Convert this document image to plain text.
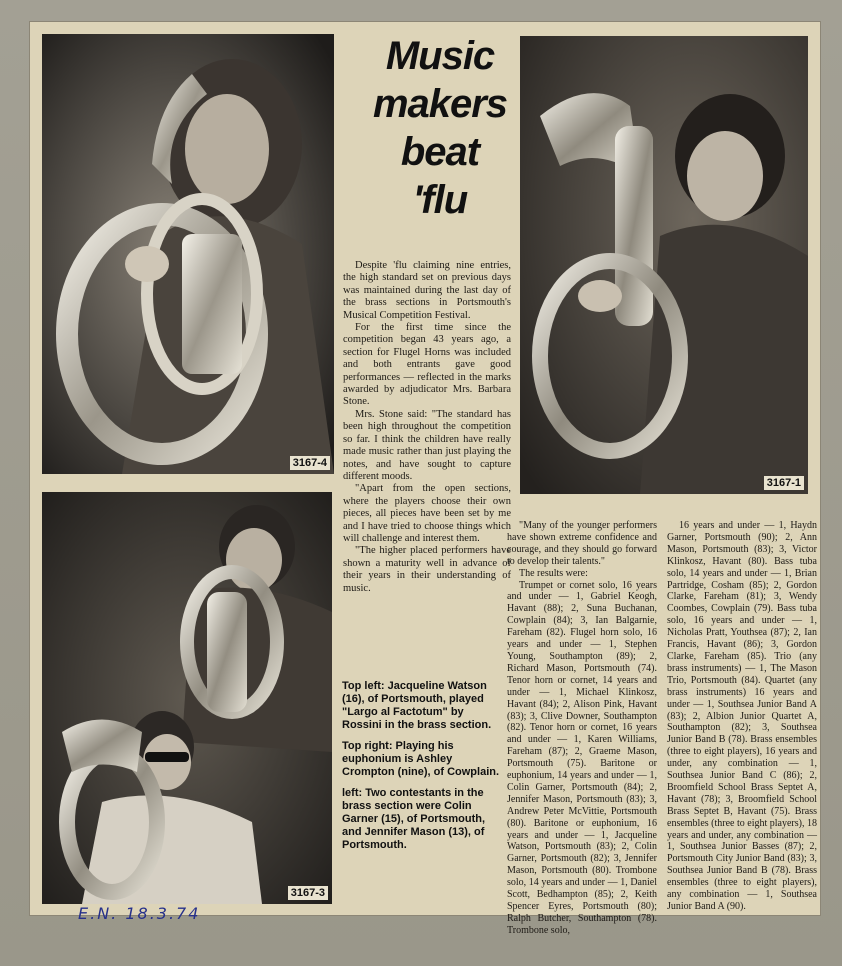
3167-4
Music
makers
beat
'flu
3167-1
3167-3

Despite 'flu claiming nine entries, the high standard set on previous days was maintained during the last day of the brass sections in Portsmouth's Musical Competition Festival.

For the first time since the competition began 43 years ago, a section for Flugel Horns was included and both entrants gave good performances — reflected in the marks awarded by adjudicator Mrs. Barbara Stone.

Mrs. Stone said: "The standard has been high throughout the competition so far. I think the children have really made music rather than just playing the notes, and have sought to capture different moods.

"Apart from the open sections, where the players choose their own pieces, all pieces have been set by me and I have tried to choose things which will challenge and interest them.

"The higher placed performers have shown a maturity well in advance of their years in their understanding of music.

Top left: Jacqueline Watson (16), of Portsmouth, played "Largo al Factotum" by Rossini in the brass section.

Top right: Playing his euphonium is Ashley Crompton (nine), of Cowplain.

left: Two contestants in the brass section were Colin Garner (15), of Portsmouth, and Jennifer Mason (13), of Portsmouth.

"Many of the younger performers have shown extreme confidence and courage, and they should go forward to develop their talents."

The results were:

Trumpet or cornet solo, 16 years and under — 1, Gabriel Keogh, Havant (88); 2, Suna Buchanan, Cowplain (84); 3, Ian Balgarnie, Fareham (82). Flugel horn solo, 16 years and under — 1, Stephen Young, Southampton (89); 2, Richard Mason, Portsmouth (74). Tenor horn or cornet, 14 years and under — 1, Michael Klinkosz, Havant (84); 2, Alison Pink, Havant (83); 3, Clive Downer, Southampton (82). Tenor horn or cornet, 16 years and under — 1, Karen Williams, Fareham (87); 2, Graeme Mason, Portsmouth (75). Baritone or euphonium, 14 years and under — 1, Colin Garner, Portsmouth (84); 2, Jennifer Mason, Portsmouth (83); 3, Andrew Peter McVittie, Portsmouth (80). Baritone or euphonium, 16 years and under — 1, Jacqueline Watson, Portsmouth (83); 2, Colin Garner, Portsmouth (82); 3, Jennifer Mason, Portsmouth (80). Trombone solo, 14 years and under — 1, Daniel Scott, Bedhampton (85); 2, Keith Spencer Eyres, Portsmouth (80); Ralph Butcher, Southampton (78). Trombone solo,

16 years and under — 1, Haydn Garner, Portsmouth (90); 2, Ann Mason, Portsmouth (83); 3, Victor Klinkosz, Havant (80). Bass tuba solo, 14 years and under — 1, Brian Partridge, Cosham (85); 2, Gordon Clarke, Fareham (81); 3, Wendy Coombes, Cowplain (79). Bass tuba solo, 16 years and under — 1, Nicholas Pratt, Youthsea (87); 2, Ian Francis, Havant (86); 3, Gordon Clarke, Fareham (85). Trio (any brass instruments) — 1, The Mason Trio, Portsmouth (84). Quartet (any brass instruments) 16 years and under — 1, Southsea Junior Band A (83); 2, Albion Junior Quartet A, Southampton (82); 3, Southsea Junior Band B (78). Brass ensembles (three to eight players), 16 years and under, any combination — 1, Southsea Junior Band C (86); 2, Broomfield School Brass Septet A, Havant (78); 3, Broomfield School Brass Septet B, Havant (75). Brass ensembles (three to eight players), 18 years and under, any combination — 1, Southsea Junior Basses (87); 2, Portsmouth City Junior Band (83); 3, Southsea Junior Band B (78). Brass ensembles (three to eight players), any combination — 1, Southsea Junior Band A (90).

E.N. 18.3.74
